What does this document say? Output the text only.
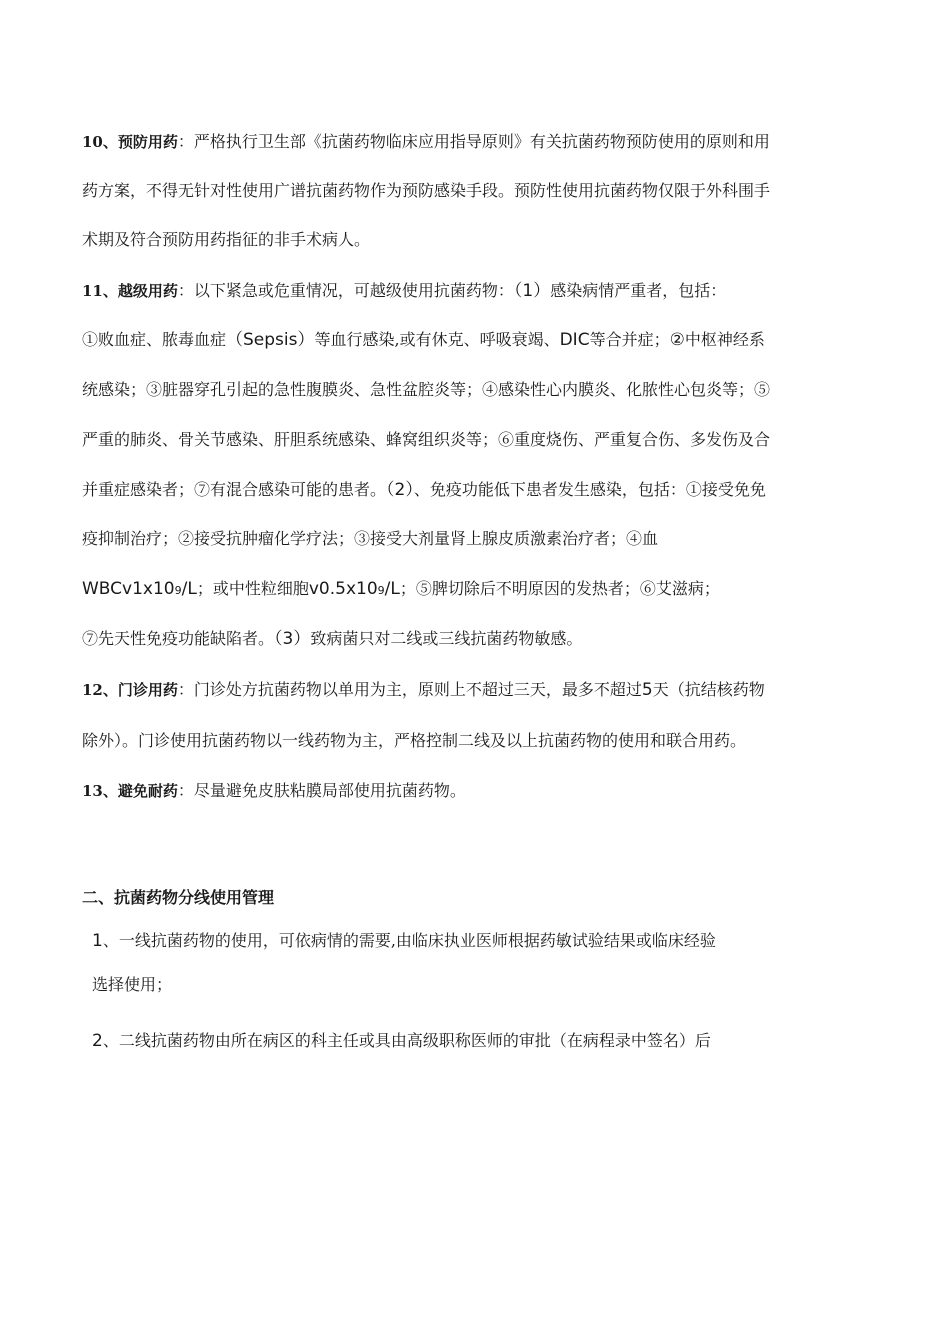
10、预防用药：严格执行卫生部《抗菌药物临床应用指导原则》有关抗菌药物预防使用的原则和用
药方案，不得无针对性使用广谱抗菌药物作为预防感染手段。预防性使用抗菌药物仅限于外科围手
术期及符合预防用药指征的非手术病人。
11、越级用药：以下紧急或危重情况，可越级使用抗菌药物：（1）感染病情严重者，包括：
①败血症、脓毒血症（Sepsis）等血行感染,或有休克、呼吸衰竭、DIC等合并症；②中枢神经系
统感染；③脏器穿孔引起的急性腹膜炎、急性盆腔炎等；④感染性心内膜炎、化脓性心包炎等；⑤
严重的肺炎、骨关节感染、肝胆系统感染、蜂窝组织炎等；⑥重度烧伤、严重复合伤、多发伤及合
并重症感染者；⑦有混合感染可能的患者。（2）、免疫功能低下患者发生感染，包括：①接受免免
疫抑制治疗；②接受抗肿瘤化学疗法；③接受大剂量肾上腺皮质激素治疗者；④血
WBCv1x109/L；或中性粒细胞v0.5x109/L；⑤脾切除后不明原因的发热者；⑥艾滋病；
⑦先天性免疫功能缺陷者。（3）致病菌只对二线或三线抗菌药物敏感。
12、门诊用药：门诊处方抗菌药物以单用为主，原则上不超过三天，最多不超过5天（抗结核药物
除外）。门诊使用抗菌药物以一线药物为主，严格控制二线及以上抗菌药物的使用和联合用药。
13、避免耐药：尽量避免皮肤粘膜局部使用抗菌药物。
二、抗菌药物分线使用管理
1、一线抗菌药物的使用，可依病情的需要,由临床执业医师根据药敏试验结果或临床经验
选择使用；
2、二线抗菌药物由所在病区的科主任或具由高级职称医师的审批（在病程录中签名）后
